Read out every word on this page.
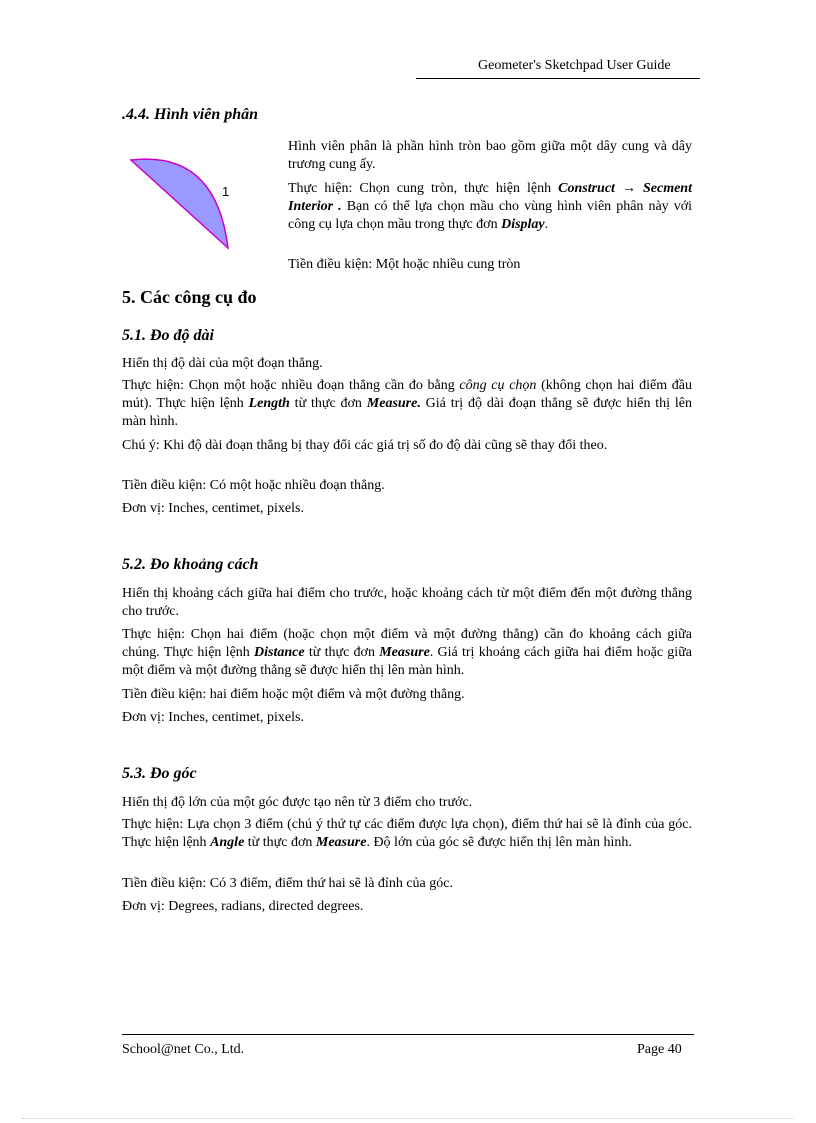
Geometer's Sketchpad User Guide
.4.4. Hình viên phân
1
Hình viên phân là phần hình tròn bao gồm giữa một dây cung và dây trương cung ấy.
Thực hiện: Chọn cung tròn, thực hiện lệnh Construct → Secment Interior . Bạn có thể lựa chọn mầu cho vùng hình viên phân này với công cụ lựa chọn mầu trong thực đơn Display.
Tiền điều kiện: Một hoặc nhiều cung tròn
5. Các công cụ đo
5.1. Đo độ dài
Hiển thị độ dài của một đoạn thẳng.
Thực hiện: Chọn một hoặc nhiều đoạn thẳng cần đo bằng công cụ chọn (không chọn hai điểm đầu mút). Thực hiện lệnh Length từ thực đơn Measure. Giá trị độ dài đoạn thẳng sẽ được hiển thị lên màn hình.
Chú ý: Khi độ dài đoạn thẳng bị thay đổi các giá trị số đo độ dài cũng sẽ thay đổi theo.
Tiền điều kiện: Có một hoặc nhiều đoạn thẳng.
Đơn vị: Inches, centimet, pixels.
5.2. Đo khoảng cách
Hiển thị khoảng cách giữa hai điểm cho trước, hoặc khoảng cách từ một điểm đến một đường thẳng cho trước.
Thực hiện: Chọn hai điểm (hoặc chọn một điểm và một đường thẳng) cần đo khoảng cách giữa chúng. Thực hiện lệnh Distance từ thực đơn Measure. Giá trị khoảng cách giữa hai điểm hoặc giữa một điểm và một đường thẳng sẽ được hiển thị lên màn hình.
Tiền điều kiện: hai điểm hoặc một điểm và một đường thẳng.
Đơn vị: Inches, centimet, pixels.
5.3. Đo góc
Hiển thị độ lớn của một góc được tạo nên từ 3 điểm cho trước.
Thực hiện: Lựa chọn 3 điểm (chú ý thứ tự các điểm được lựa chọn), điểm thứ hai sẽ là đỉnh của góc. Thực hiện lệnh Angle từ thực đơn Measure. Độ lớn của góc sẽ được hiển thị lên màn hình.
Tiền điều kiện: Có 3 điểm, điểm thứ hai sẽ là đỉnh của góc.
Đơn vị: Degrees, radians, directed degrees.
School@net Co., Ltd.	Page 40
